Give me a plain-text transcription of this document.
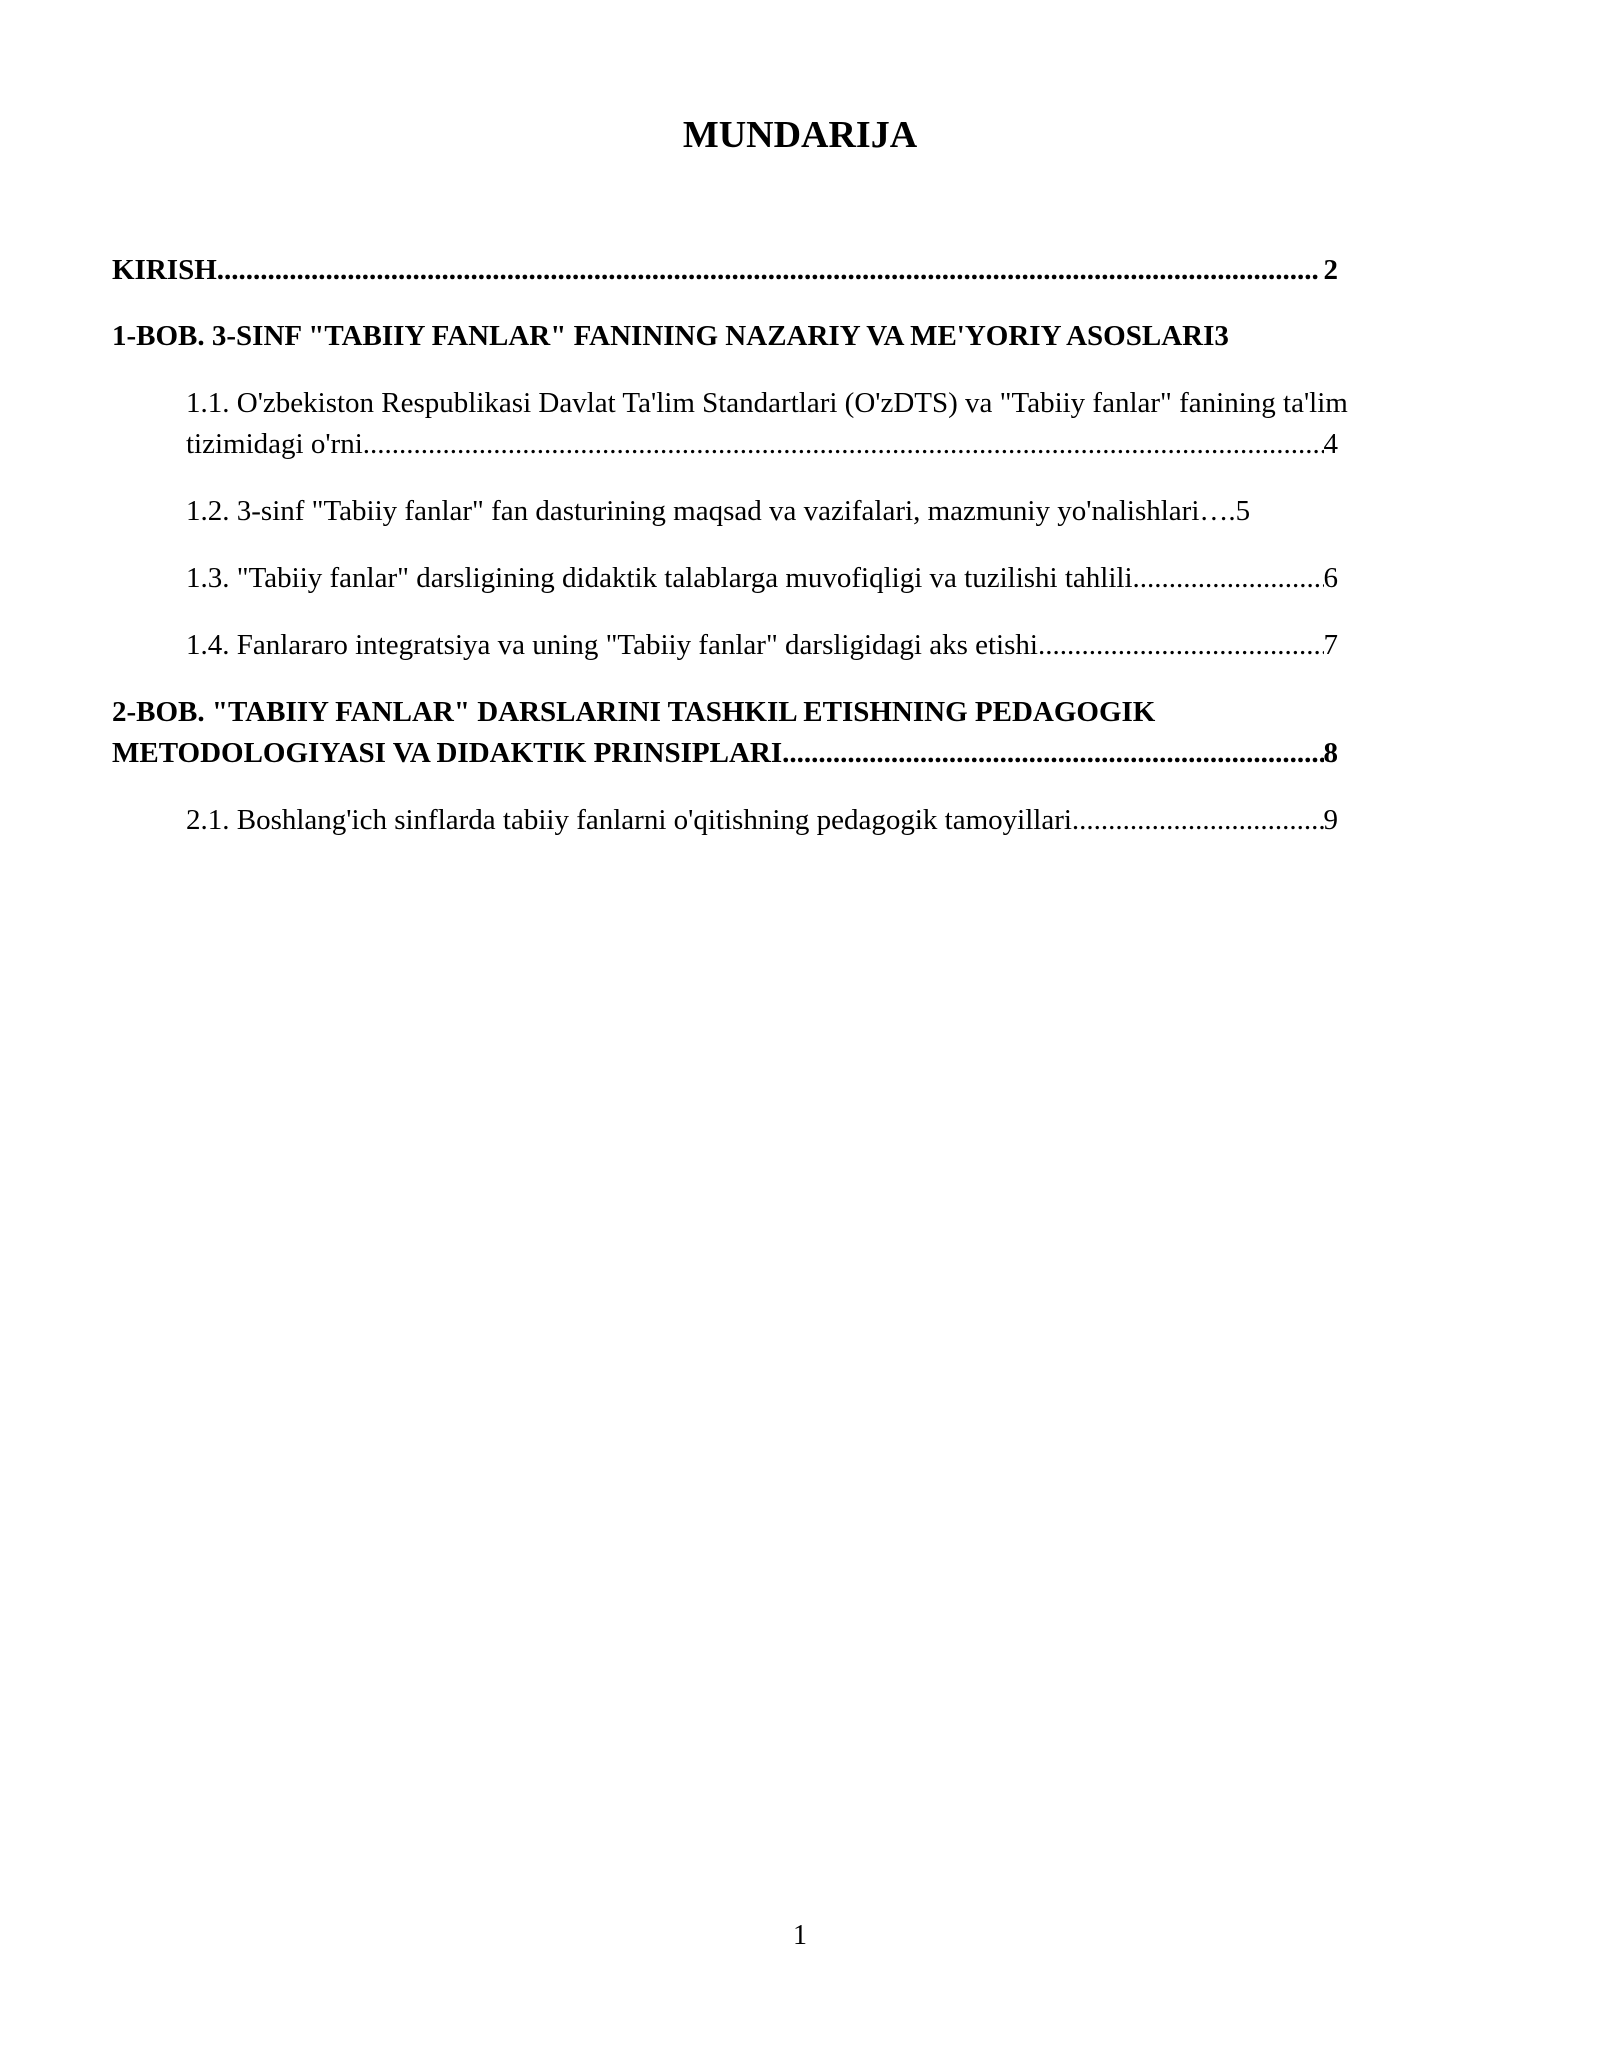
MUNDARIJA
KIRISH .....	2
1-BOB. 3-SINF "TABIIY FANLAR" FANINING NAZARIY VA ME'YORIY ASOSLARI 3
1.1. O'zbekiston Respublikasi Davlat Ta'lim Standartlari (O'zDTS) va "Tabiiy fanlar" fanining ta'lim
tizimidagi o'rni .....	4
1.2. 3-sinf "Tabiiy fanlar" fan dasturining maqsad va vazifalari, mazmuniy yo'nalishlari …. 5
1.3. "Tabiiy fanlar" darsligining didaktik talablarga muvofiqligi va tuzilishi tahlili .....	6
1.4. Fanlararo integratsiya va uning "Tabiiy fanlar" darsligidagi aks etishi .....	7
2-BOB. "TABIIY FANLAR" DARSLARINI TASHKIL ETISHNING PEDAGOGIK
METODOLOGIYASI VA DIDAKTIK PRINSIPLARI .....	8
2.1. Boshlang'ich sinflarda tabiiy fanlarni o'qitishning pedagogik tamoyillari .....	9
1
